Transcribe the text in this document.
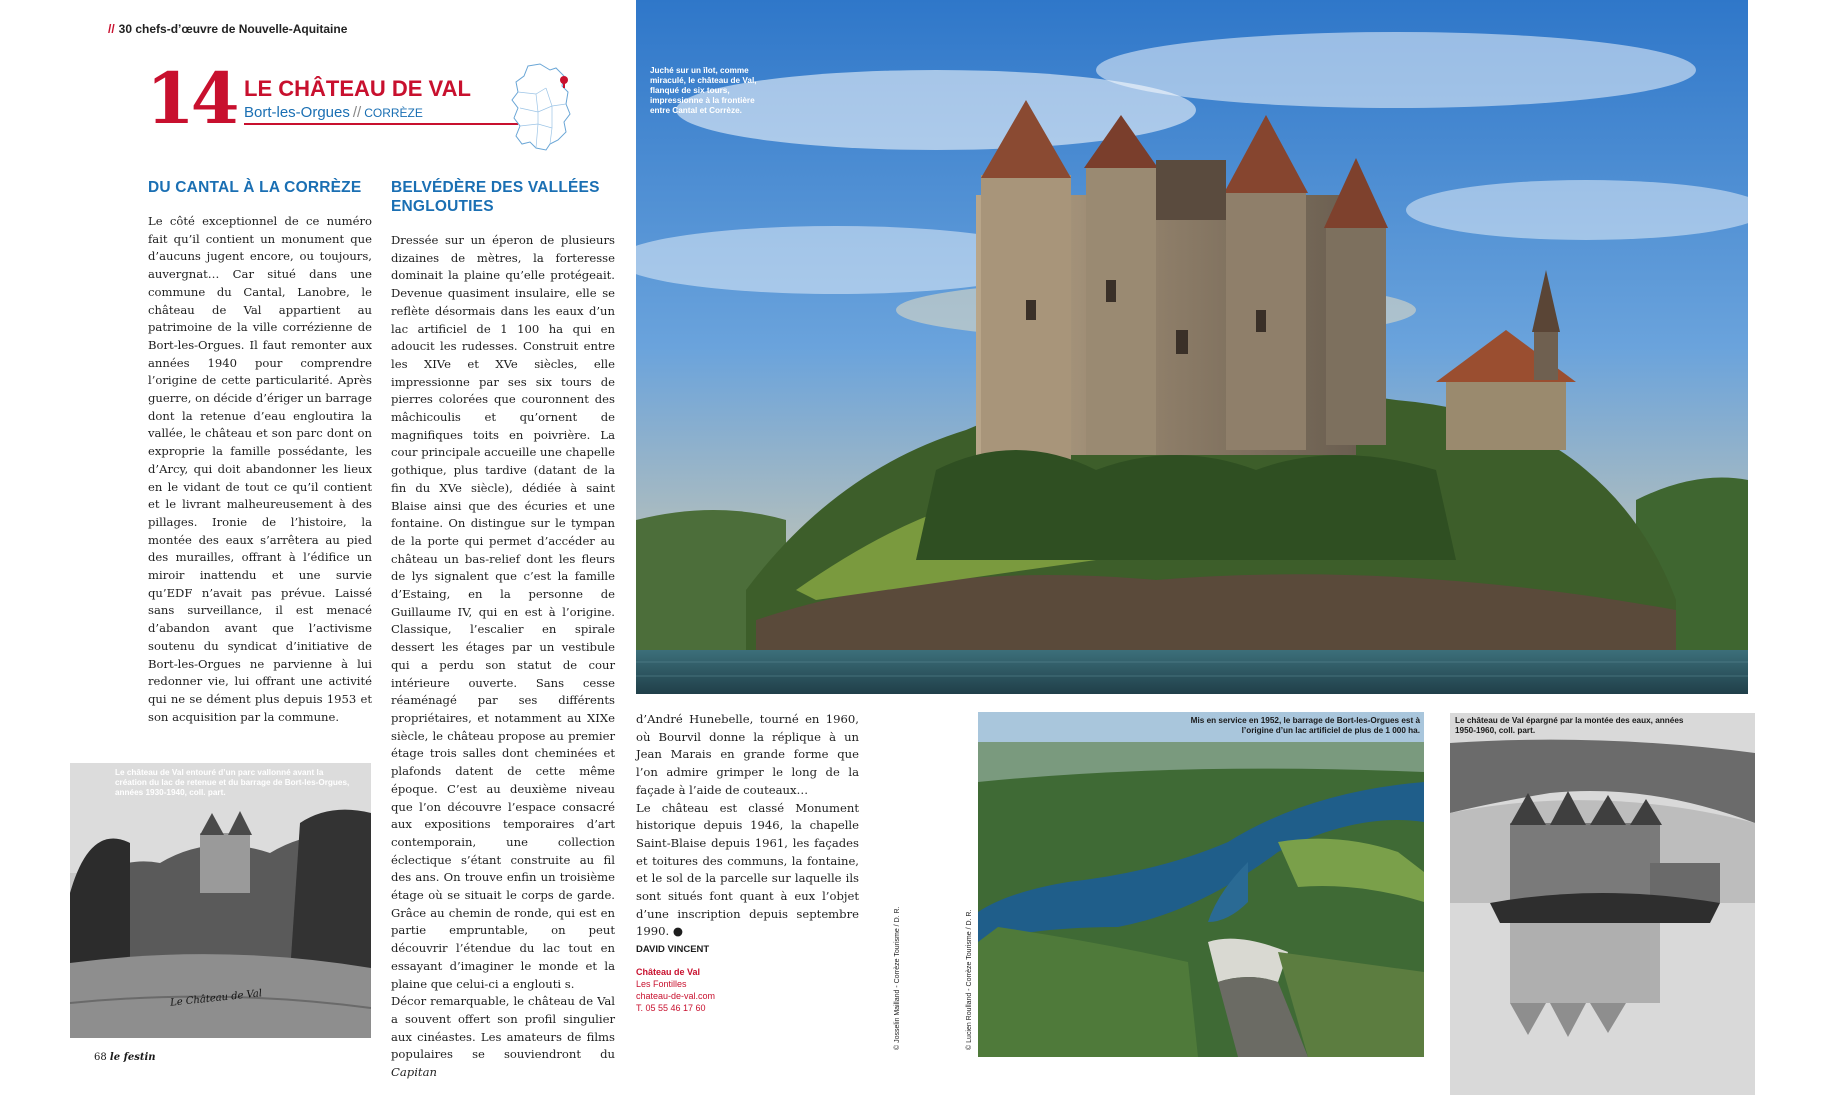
// 30 chefs-d’œuvre de Nouvelle-Aquitaine
14 LE CHÂTEAU DE VAL
Bort-les-Orgues // CORRÈZE
DU CANTAL À LA CORRÈZE

Le côté exceptionnel de ce numéro fait qu’il contient un monument que d’aucuns jugent encore, ou toujours, auvergnat… Car situé dans une commune du Cantal, Lanobre, le château de Val appartient au patrimoine de la ville corrézienne de Bort-les-Orgues. Il faut remonter aux années 1940 pour comprendre l’origine de cette particularité. Après guerre, on décide d’ériger un barrage dont la retenue d’eau engloutira la vallée, le château et son parc dont on exproprie la famille possédante, les d’Arcy, qui doit abandonner les lieux en le vidant de tout ce qu’il contient et le livrant malheureusement à des pillages. Ironie de l’histoire, la montée des eaux s’arrêtera au pied des murailles, offrant à l’édifice un miroir inattendu et une survie qu’EDF n’avait pas prévue. Laissé sans surveillance, il est menacé d’abandon avant que l’activisme soutenu du syndicat d’initiative de Bort-les-Orgues ne parvienne à lui redonner vie, lui offrant une activité qui ne se dément plus depuis 1953 et son acquisition par la commune.

BELVÉDÈRE DES VALLÉES ENGLOUTIES

Dressée sur un éperon de plusieurs dizaines de mètres, la forteresse dominait la plaine qu’elle protégeait. Devenue quasiment insulaire, elle se reflète désormais dans les eaux d’un lac artificiel de 1 100 ha qui en adoucit les rudesses. Construit entre les XIVe et XVe siècles, elle impressionne par ses six tours de pierres colorées que couronnent des mâchicoulis et qu’ornent de magnifiques toits en poivrière. La cour principale accueille une chapelle gothique, plus tardive (datant de la fin du XVe siècle), dédiée à saint Blaise ainsi que des écuries et une fontaine. On distingue sur le tympan de la porte qui permet d’accéder au château un bas-relief dont les fleurs de lys signalent que c’est la famille d’Estaing, en la personne de Guillaume IV, qui en est à l’origine. Classique, l’escalier en spirale dessert les étages par un vestibule qui a perdu son statut de cour intérieure ouverte. Sans cesse réaménagé par ses différents propriétaires, et notamment au XIXe siècle, le château propose au premier étage trois salles dont cheminées et plafonds datent de cette même époque. C’est au deuxième niveau que l’on découvre l’espace consacré aux expositions temporaires d’art contemporain, une collection éclectique s’étant construite au fil des ans. On trouve enfin un troisième étage où se situait le corps de garde. Grâce au chemin de ronde, qui est en partie empruntable, on peut découvrir l’étendue du lac tout en essayant d’imaginer le monde et la plaine que celui-ci a englouti s.

Décor remarquable, le château de Val a souvent offert son profil singulier aux cinéastes. Les amateurs de films populaires se souviendront du Capitan

d’André Hunebelle, tourné en 1960, où Bourvil donne la réplique à un Jean Marais en grande forme que l’on admire grimper le long de la façade à l’aide de couteaux…

Le château est classé Monument historique depuis 1946, la chapelle Saint-Blaise depuis 1961, les façades et toitures des communs, la fontaine, et le sol de la parcelle sur laquelle ils sont situés font quant à eux l’objet d’une inscription depuis septembre 1990. ●

DAVID VINCENT

Château de Val
Les Fontilles
chateau-de-val.com
T. 05 55 46 17 60
Juché sur un îlot, comme miraculé, le château de Val, flanqué de six tours, impressionne à la frontière entre Cantal et Corrèze.
Le château de Val entouré d’un parc vallonné avant la création du lac de retenue et du barrage de Bort-les-Orgues, années 1930-1940, coll. part.
Le Château de Val
Mis en service en 1952, le barrage de Bort-les-Orgues est à l’origine d’un lac artificiel de plus de 1 000 ha.
Le château de Val épargné par la montée des eaux, années 1950-1960, coll. part.
© Josselin Mailland - Corrèze Tourisme / D. R.	© Lucien Roulland - Corrèze Tourisme / D. R.
68 le festin
